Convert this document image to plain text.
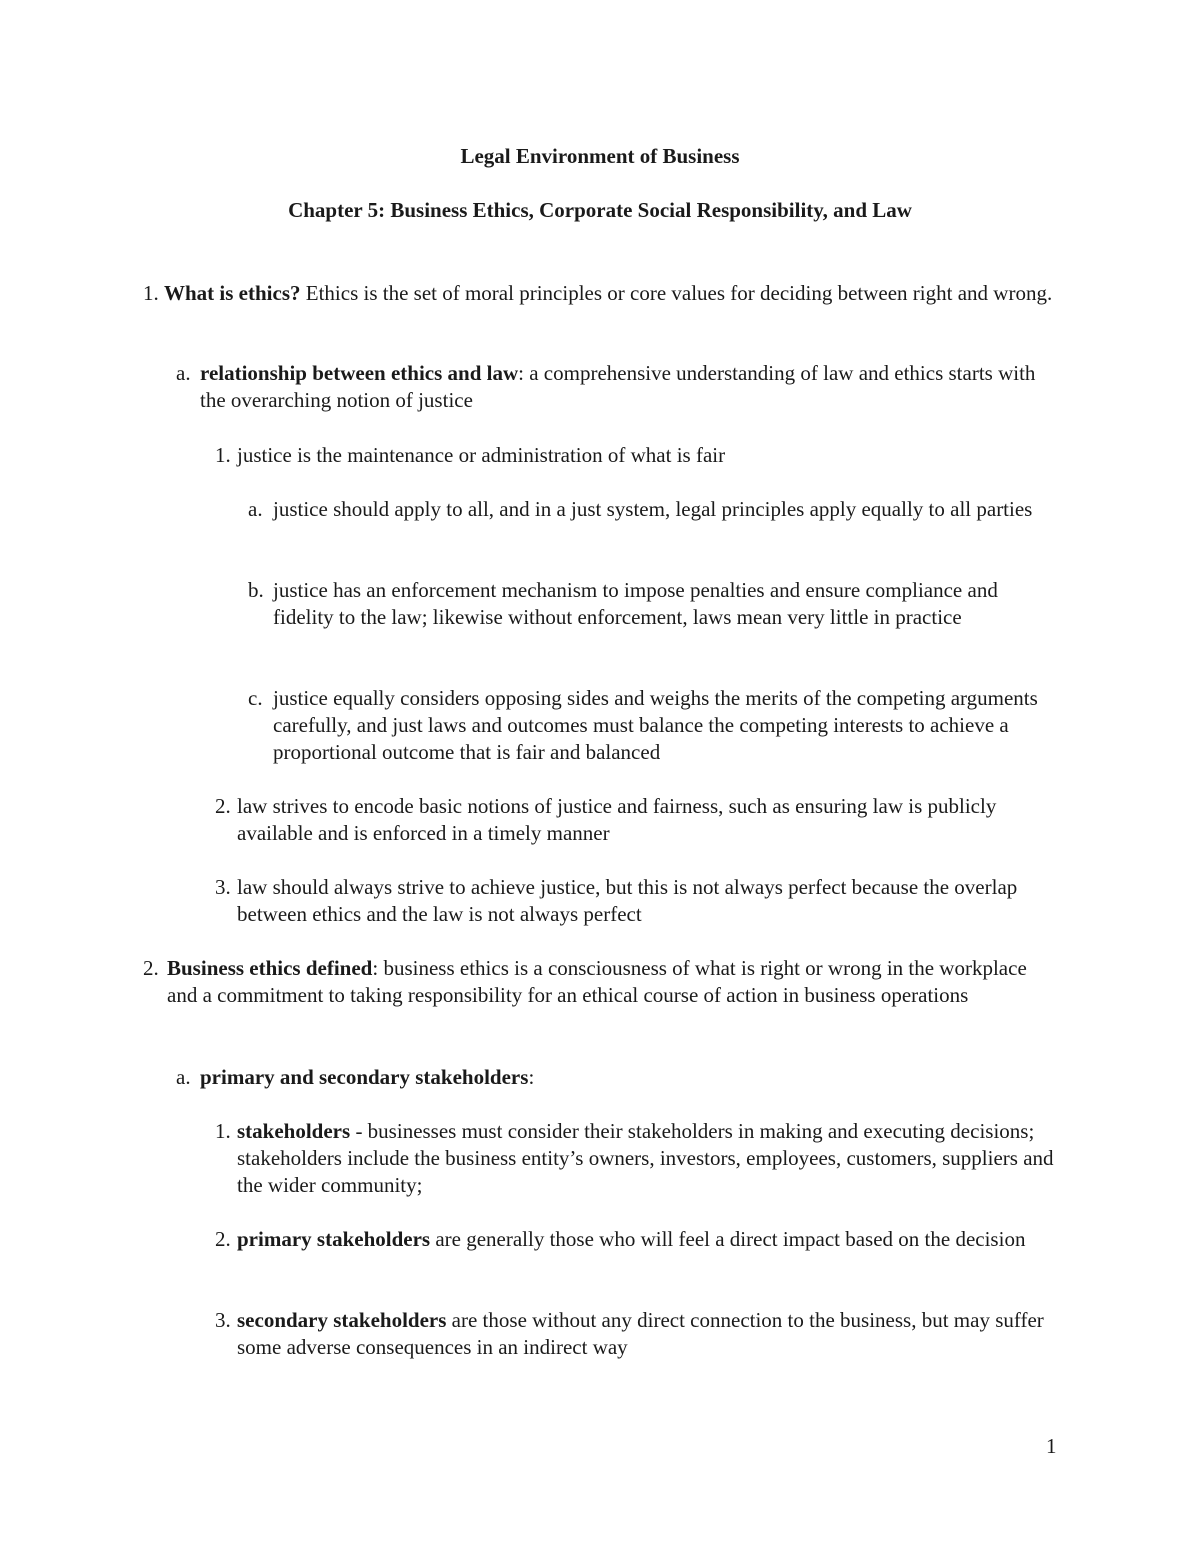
Legal Environment of Business
Chapter 5: Business Ethics, Corporate Social Responsibility, and Law
1. What is ethics? Ethics is the set of moral principles or core values for deciding between right and wrong.
a. relationship between ethics and law: a comprehensive understanding of law and ethics starts with the overarching notion of justice
1. justice is the maintenance or administration of what is fair
a. justice should apply to all, and in a just system, legal principles apply equally to all parties
b. justice has an enforcement mechanism to impose penalties and ensure compliance and fidelity to the law; likewise without enforcement, laws mean very little in practice
c. justice equally considers opposing sides and weighs the merits of the competing arguments carefully, and just laws and outcomes must balance the competing interests to achieve a proportional outcome that is fair and balanced
2. law strives to encode basic notions of justice and fairness, such as ensuring law is publicly available and is enforced in a timely manner
3. law should always strive to achieve justice, but this is not always perfect because the overlap between ethics and the law is not always perfect
2. Business ethics defined: business ethics is a consciousness of what is right or wrong in the workplace and a commitment to taking responsibility for an ethical course of action in business operations
a. primary and secondary stakeholders:
1. stakeholders - businesses must consider their stakeholders in making and executing decisions; stakeholders include the business entity’s owners, investors, employees, customers, suppliers and the wider community;
2. primary stakeholders are generally those who will feel a direct impact based on the decision
3. secondary stakeholders are those without any direct connection to the business, but may suffer some adverse consequences in an indirect way
1
